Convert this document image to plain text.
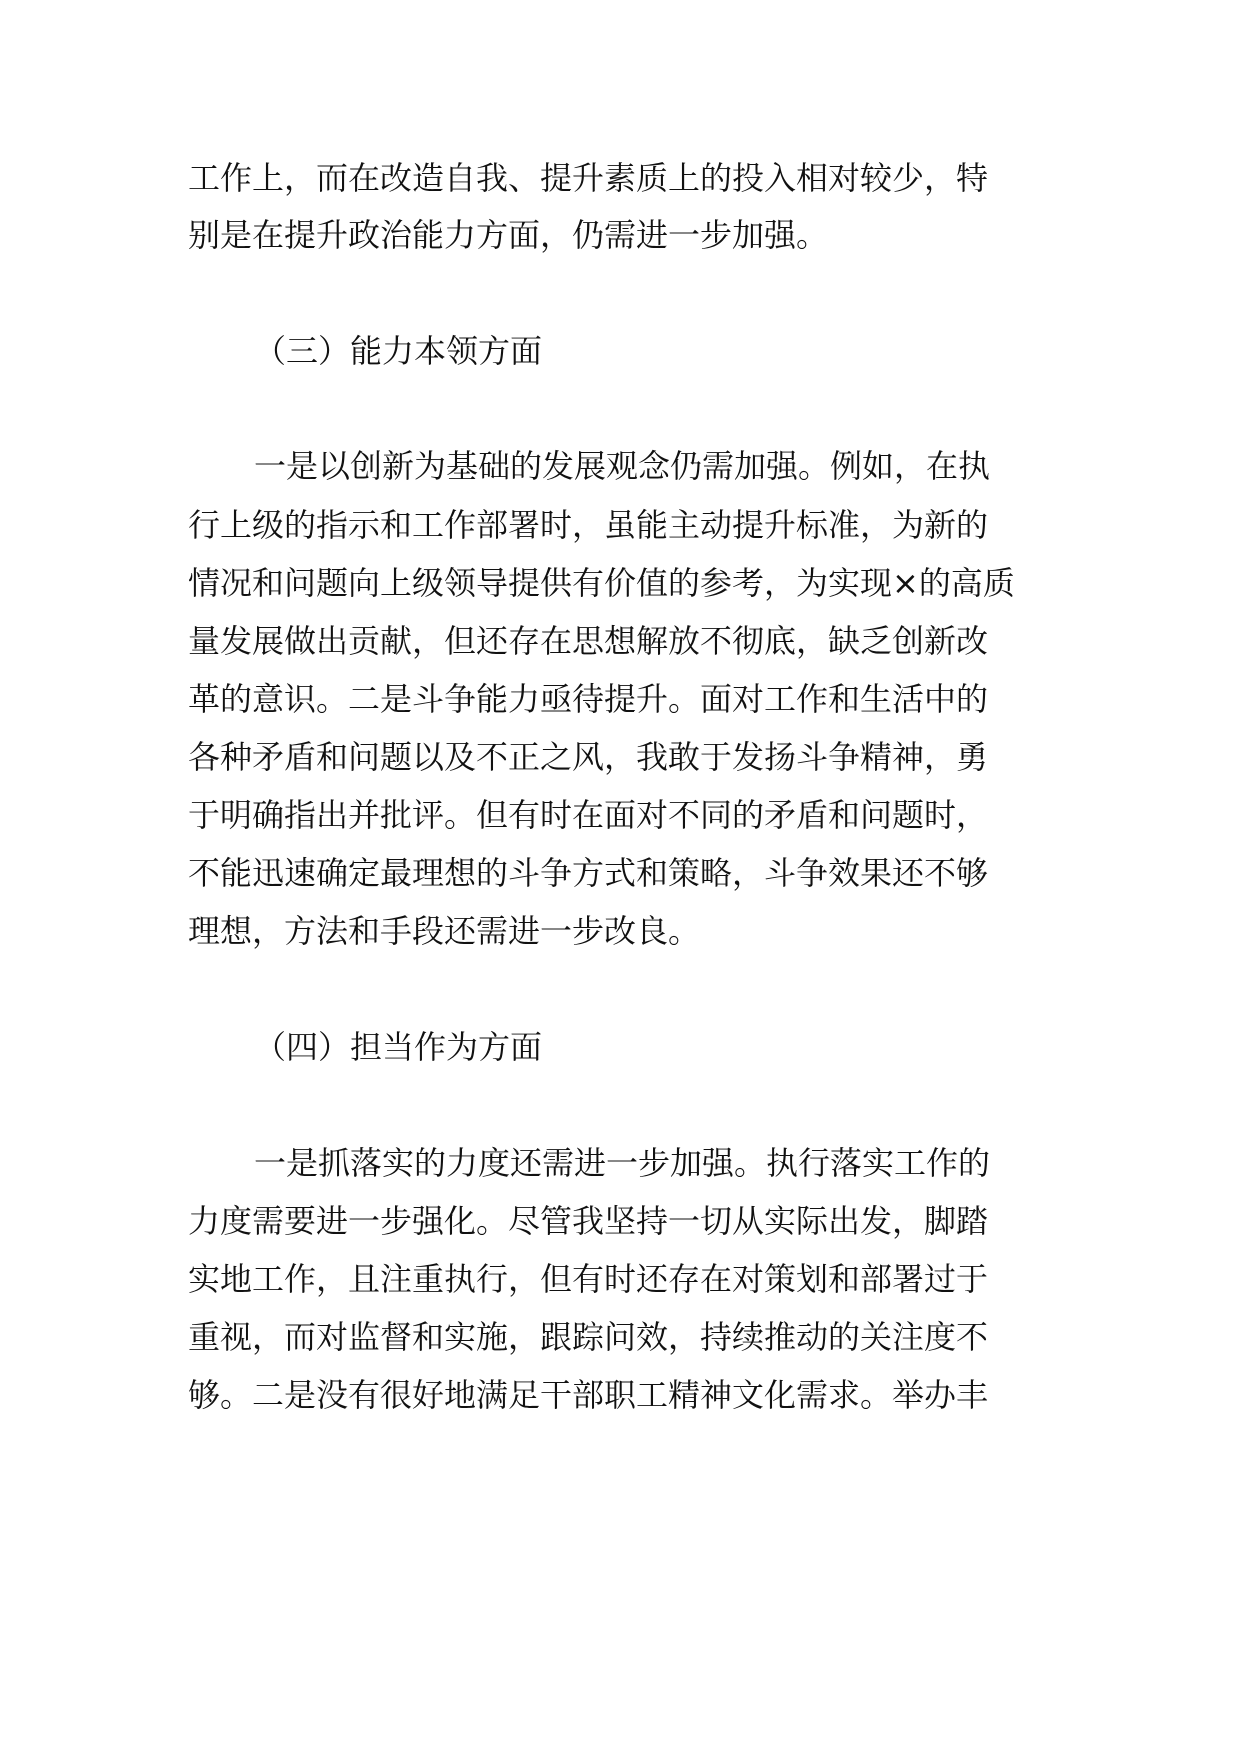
工作上，而在改造自我、提升素质上的投入相对较少，特
别是在提升政治能力方面，仍需进一步加强。
（三）能力本领方面
一是以创新为基础的发展观念仍需加强。例如，在执
行上级的指示和工作部署时，虽能主动提升标准，为新的
情况和问题向上级领导提供有价值的参考，为实现×的高质
量发展做出贡献，但还存在思想解放不彻底，缺乏创新改
革的意识。二是斗争能力亟待提升。面对工作和生活中的
各种矛盾和问题以及不正之风，我敢于发扬斗争精神，勇
于明确指出并批评。但有时在面对不同的矛盾和问题时，
不能迅速确定最理想的斗争方式和策略，斗争效果还不够
理想，方法和手段还需进一步改良。
（四）担当作为方面
一是抓落实的力度还需进一步加强。执行落实工作的
力度需要进一步强化。尽管我坚持一切从实际出发，脚踏
实地工作，且注重执行，但有时还存在对策划和部署过于
重视，而对监督和实施，跟踪问效，持续推动的关注度不
够。二是没有很好地满足干部职工精神文化需求。举办丰
